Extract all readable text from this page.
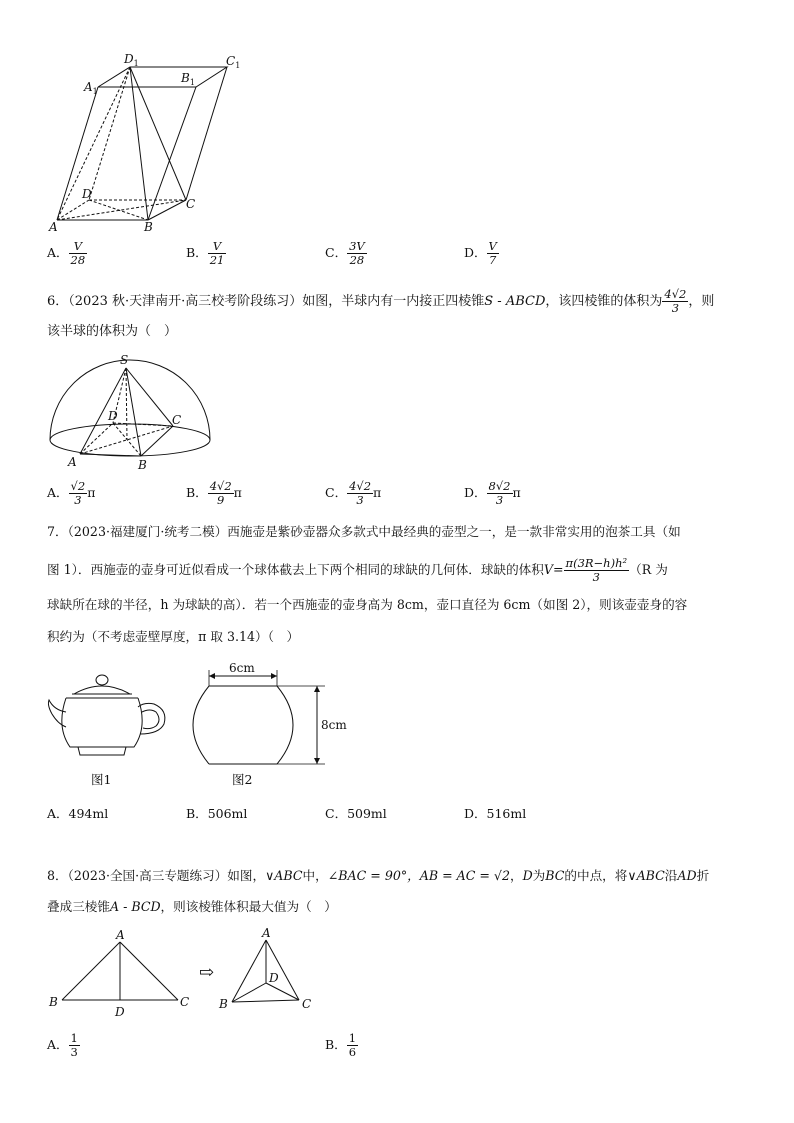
$D_1$	$C_1$
$A_1$
$B_1$
A	B
C
D
A． $\frac{V}{28}$	B． $\frac{V}{21}$	C． $\frac{3V}{28}$	D． $\frac{V}{7}$
6．（2023 秋·天津南开·高三校考阶段练习）如图，半球内有一内接正四棱锥S - ABCD，该四棱锥的体积为 $\frac{4√2}{3}$ ，则
该半球的体积为（　）
S
D	C
A	B
A． $\frac{√2}{3}$ π	B． $\frac{4√2}{9}$ π	C． $\frac{4√2}{3}$ π	D． $\frac{8√2}{3}$ π
7．（2023·福建厦门·统考二模）西施壶是紫砂壶器众多款式中最经典的壶型之一，是一款非常实用的泡茶工具（如
图 1）．西施壶的壶身可近似看成一个球体截去上下两个相同的球缺的几何体．球缺的体积$V= \frac{\text{π(3R−h)h²}}{3} (R$ 为
球缺所在球的半径，h 为球缺的高）．若一个西施壶的壶身高为 8cm，壶口直径为 6cm（如图 2），则该壶壶身的容
积约为（不考虑壶壁厚度，π 取 3.14）（　）
图1
6cm
8cm
图2
A．494ml	B．506ml	C．509ml	D．516ml
8．（2023·全国·高三专题练习）如图，∨ABC中，∠BAC = 90°，AB = AC = √2，D为BC的中点，将∨ABC沿AD折
叠成三棱锥A - BCD，则该棱锥体积最大值为（　）
A
B	C
D
⇨
A
B	C
D
A． $\frac{1}{3}$	B． $\frac{1}{6}$
